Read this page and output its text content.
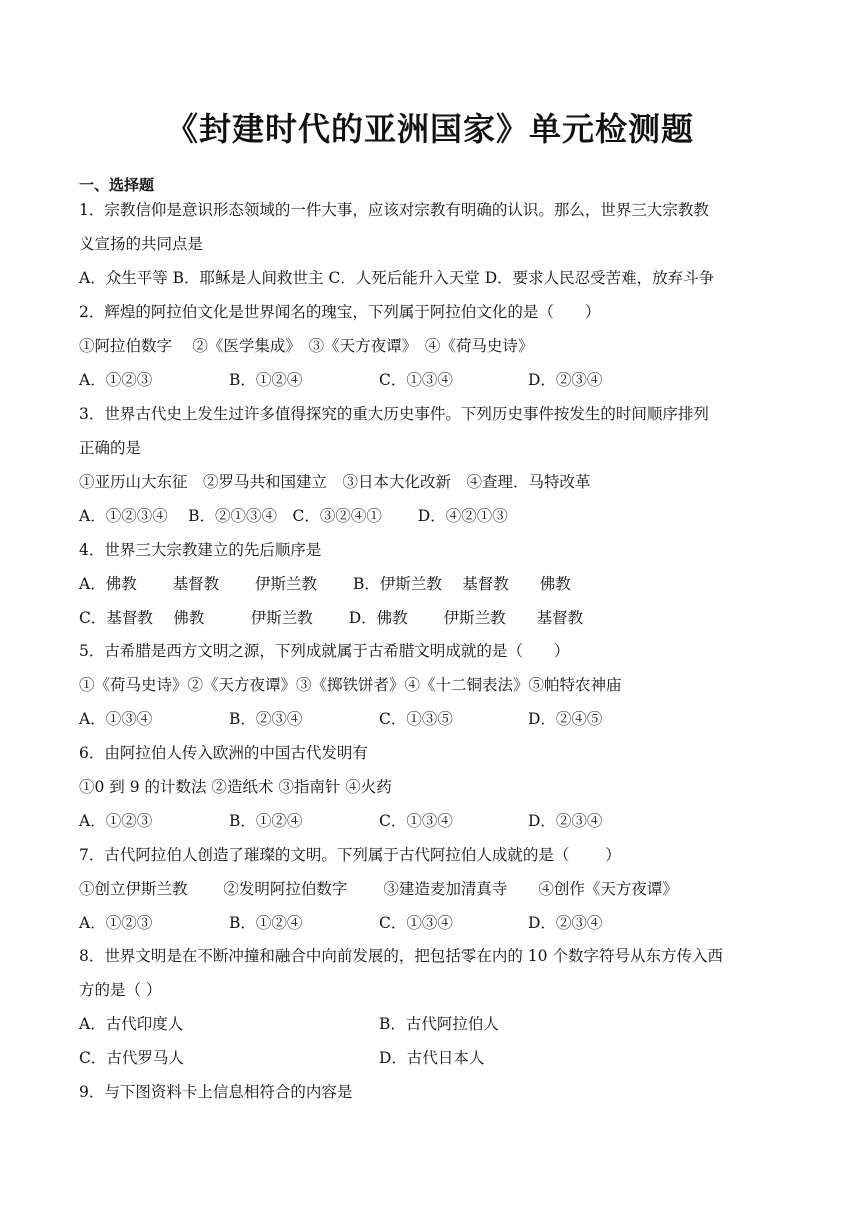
《封建时代的亚洲国家》单元检测题
一、选择题
1．宗教信仰是意识形态领域的一件大事，应该对宗教有明确的认识。那么，世界三大宗教教
义宣扬的共同点是
A．众生平等 B．耶稣是人间救世主 C．人死后能升入天堂 D．要求人民忍受苦难，放弃斗争
2．辉煌的阿拉伯文化是世界闻名的瑰宝，下列属于阿拉伯文化的是（　　）
①阿拉伯数字　 ②《医学集成》　③《天方夜谭》　④《荷马史诗》
A．①②③	B．①②④	C．①③④	D．②③④
3．世界古代史上发生过许多值得探究的重大历史事件。下列历史事件按发生的时间顺序排列
正确的是
①亚历山大东征　②罗马共和国建立　③日本大化改新　④查理．马特改革
A．①②③④　 B．②①③④　C．③②④①　　 D．④②①③
4．世界三大宗教建立的先后顺序是
A．佛教　　 基督教　　 伊斯兰教　　 B．伊斯兰教　 基督教　　佛教
C．基督教　 佛教　　　伊斯兰教　　 D．佛教　　 伊斯兰教　　基督教
5．古希腊是西方文明之源，下列成就属于古希腊文明成就的是（　　）
①《荷马史诗》②《天方夜谭》③《掷铁饼者》④《十二铜表法》⑤帕特农神庙
A．①③④	B．②③④	C．①③⑤	D．②④⑤
6．由阿拉伯人传入欧洲的中国古代发明有
①0 到 9 的计数法 ②造纸术 ③指南针 ④火药
A．①②③	B．①②④	C．①③④	D．②③④
7．古代阿拉伯人创造了璀璨的文明。下列属于古代阿拉伯人成就的是（　　 ）
①创立伊斯兰教　　 ②发明阿拉伯数字　　 ③建造麦加清真寺　　④创作《天方夜谭》
A．①②③	B．①②④	C．①③④	D．②③④
8．世界文明是在不断冲撞和融合中向前发展的，把包括零在内的 10 个数字符号从东方传入西
方的是（ ）
A．古代印度人	B．古代阿拉伯人
C．古代罗马人	D．古代日本人
9．与下图资料卡上信息相符合的内容是
